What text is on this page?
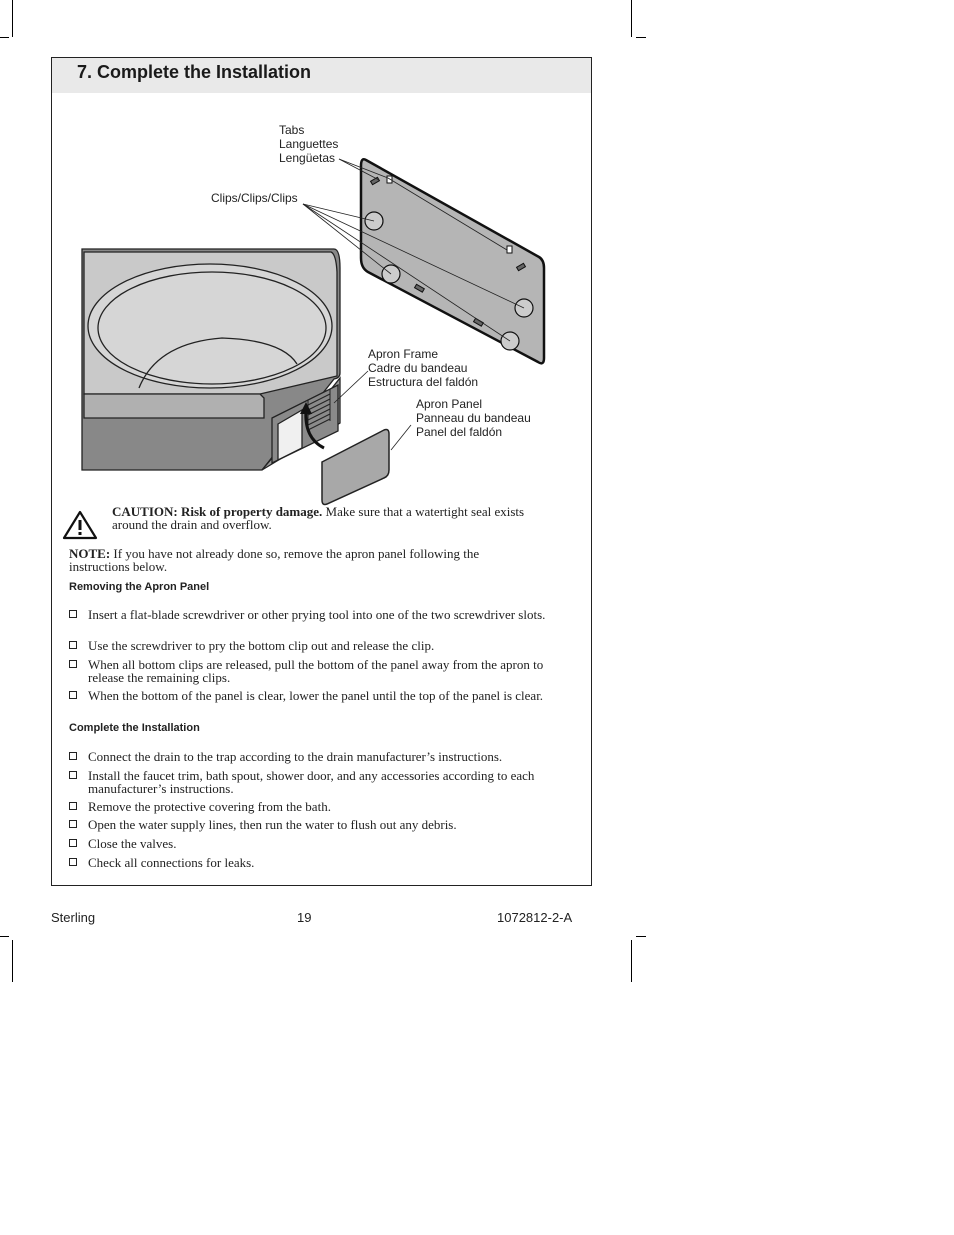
7. Complete the Installation
Tabs
Languettes
Lengüetas
Clips/Clips/Clips
Apron Frame
Cadre du bandeau
Estructura del faldón
Apron Panel
Panneau du bandeau
Panel del faldón
CAUTION: Risk of property damage. Make sure that a watertight seal exists around the drain and overflow.
NOTE: If you have not already done so, remove the apron panel following the instructions below.
Removing the Apron Panel
Insert a flat-blade screwdriver or other prying tool into one of the two screwdriver slots.
Use the screwdriver to pry the bottom clip out and release the clip.
When all bottom clips are released, pull the bottom of the panel away from the apron to release the remaining clips.
When the bottom of the panel is clear, lower the panel until the top of the panel is clear.
Complete the Installation
Connect the drain to the trap according to the drain manufacturer’s instructions.
Install the faucet trim, bath spout, shower door, and any accessories according to each manufacturer’s instructions.
Remove the protective covering from the bath.
Open the water supply lines, then run the water to flush out any debris.
Close the valves.
Check all connections for leaks.
Sterling	19	1072812-2-A
